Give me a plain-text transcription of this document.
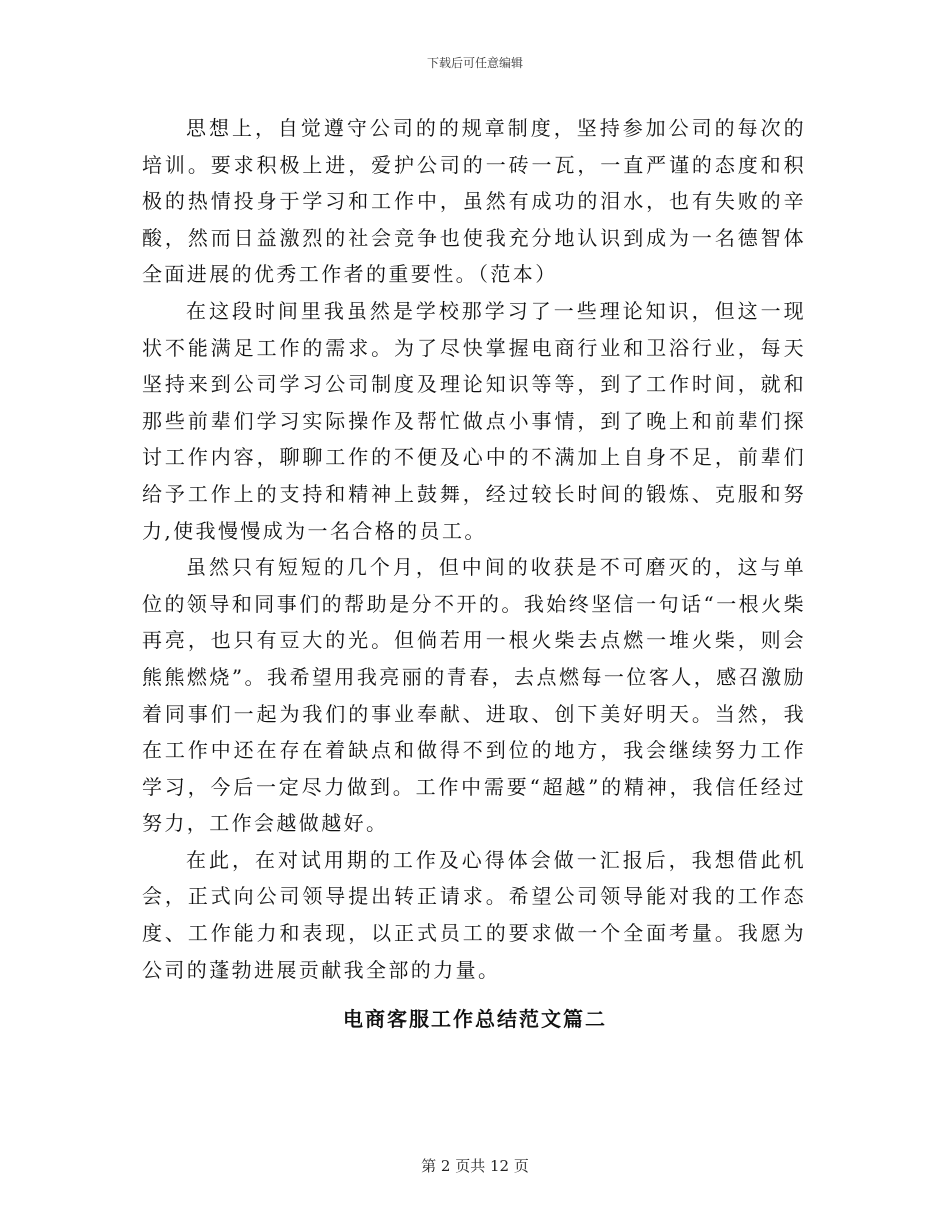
下载后可任意编辑

思想上，自觉遵守公司的的规章制度，坚持参加公司的每次的培训。要求积极上进，爱护公司的一砖一瓦，一直严谨的态度和积极的热情投身于学习和工作中，虽然有成功的泪水，也有失败的辛酸，然而日益激烈的社会竞争也使我充分地认识到成为一名德智体全面进展的优秀工作者的重要性。（范本）

在这段时间里我虽然是学校那学习了一些理论知识，但这一现状不能满足工作的需求。为了尽快掌握电商行业和卫浴行业，每天坚持来到公司学习公司制度及理论知识等等，到了工作时间，就和那些前辈们学习实际操作及帮忙做点小事情，到了晚上和前辈们探讨工作内容，聊聊工作的不便及心中的不满加上自身不足，前辈们给予工作上的支持和精神上鼓舞，经过较长时间的锻炼、克服和努力,使我慢慢成为一名合格的员工。

虽然只有短短的几个月，但中间的收获是不可磨灭的，这与单位的领导和同事们的帮助是分不开的。我始终坚信一句话“一根火柴再亮，也只有豆大的光。但倘若用一根火柴去点燃一堆火柴，则会熊熊燃烧”。我希望用我亮丽的青春，去点燃每一位客人，感召激励着同事们一起为我们的事业奉献、进取、创下美好明天。当然，我在工作中还在存在着缺点和做得不到位的地方，我会继续努力工作学习，今后一定尽力做到。工作中需要“超越”的精神，我信任经过努力，工作会越做越好。

在此，在对试用期的工作及心得体会做一汇报后，我想借此机会，正式向公司领导提出转正请求。希望公司领导能对我的工作态度、工作能力和表现，以正式员工的要求做一个全面考量。我愿为公司的蓬勃进展贡献我全部的力量。

电商客服工作总结范文篇二
第 2 页共 12 页
